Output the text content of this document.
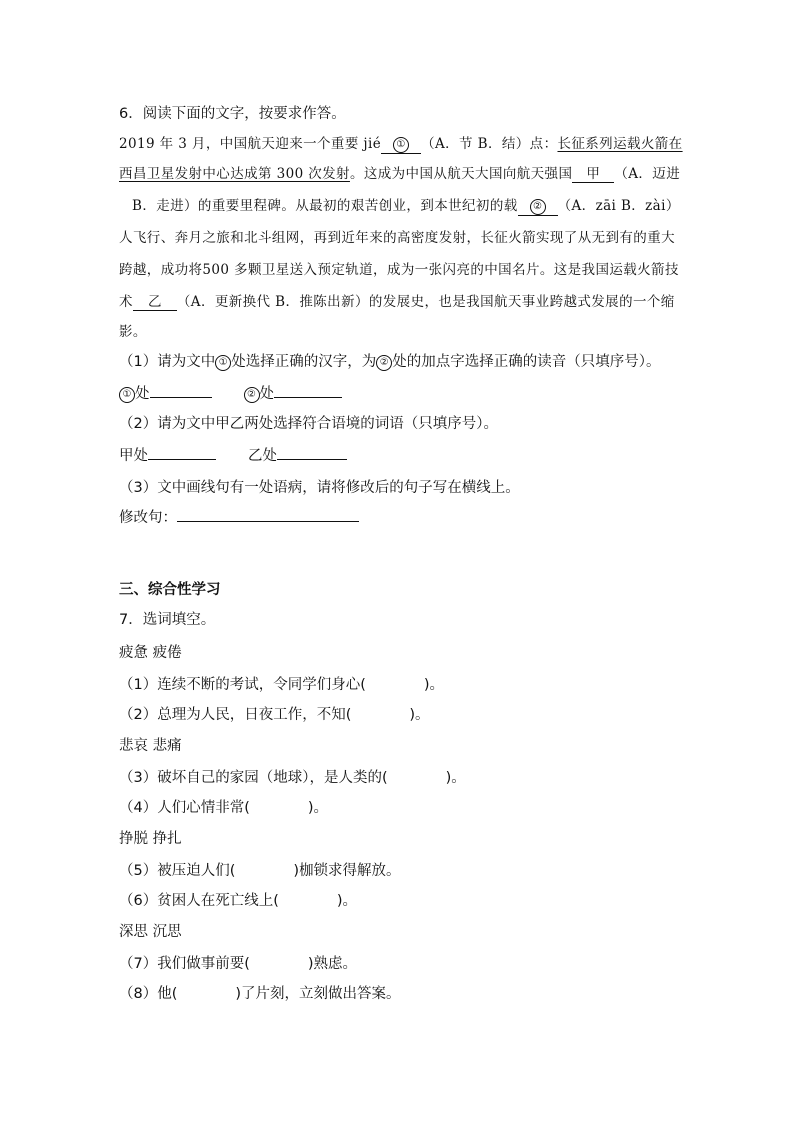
6．阅读下面的文字，按要求作答。
2019 年 3 月，中国航天迎来一个重要 jié ① （A．节 B．结）点：长征系列运载火箭在
西昌卫星发射中心达成第 300 次发射。这成为中国从航天大国向航天强国 甲 （A．迈进
B．走进）的重要里程碑。从最初的艰苦创业，到本世纪初的载 ② （A．zāi B．zài）
人飞行、奔月之旅和北斗组网，再到近年来的高密度发射，长征火箭实现了从无到有的重大
跨越，成功将500 多颗卫星送入预定轨道，成为一张闪亮的中国名片。这是我国运载火箭技
术 乙 （A．更新换代 B．推陈出新）的发展史，也是我国航天事业跨越式发展的一个缩
影。
（1）请为文中 ① 处选择正确的汉字，为 ② 处的加点字选择正确的读音（只填序号）。
① 处	② 处
（2）请为文中甲乙两处选择符合语境的词语（只填序号）。
甲处	乙处
（3）文中画线句有一处语病，请将修改后的句子写在横线上。
修改句：
三、综合性学习
7．选词填空。
疲惫 疲倦
（1）连续不断的考试，令同学们身心(	)。
（2）总理为人民，日夜工作，不知(	)。
悲哀 悲痛
（3）破坏自己的家园（地球），是人类的(	)。
（4）人们心情非常(	)。
挣脱 挣扎
（5）被压迫人们(	)枷锁求得解放。
（6）贫困人在死亡线上(	)。
深思 沉思
（7）我们做事前要(	)熟虑。
（8）他(	)了片刻，立刻做出答案。
